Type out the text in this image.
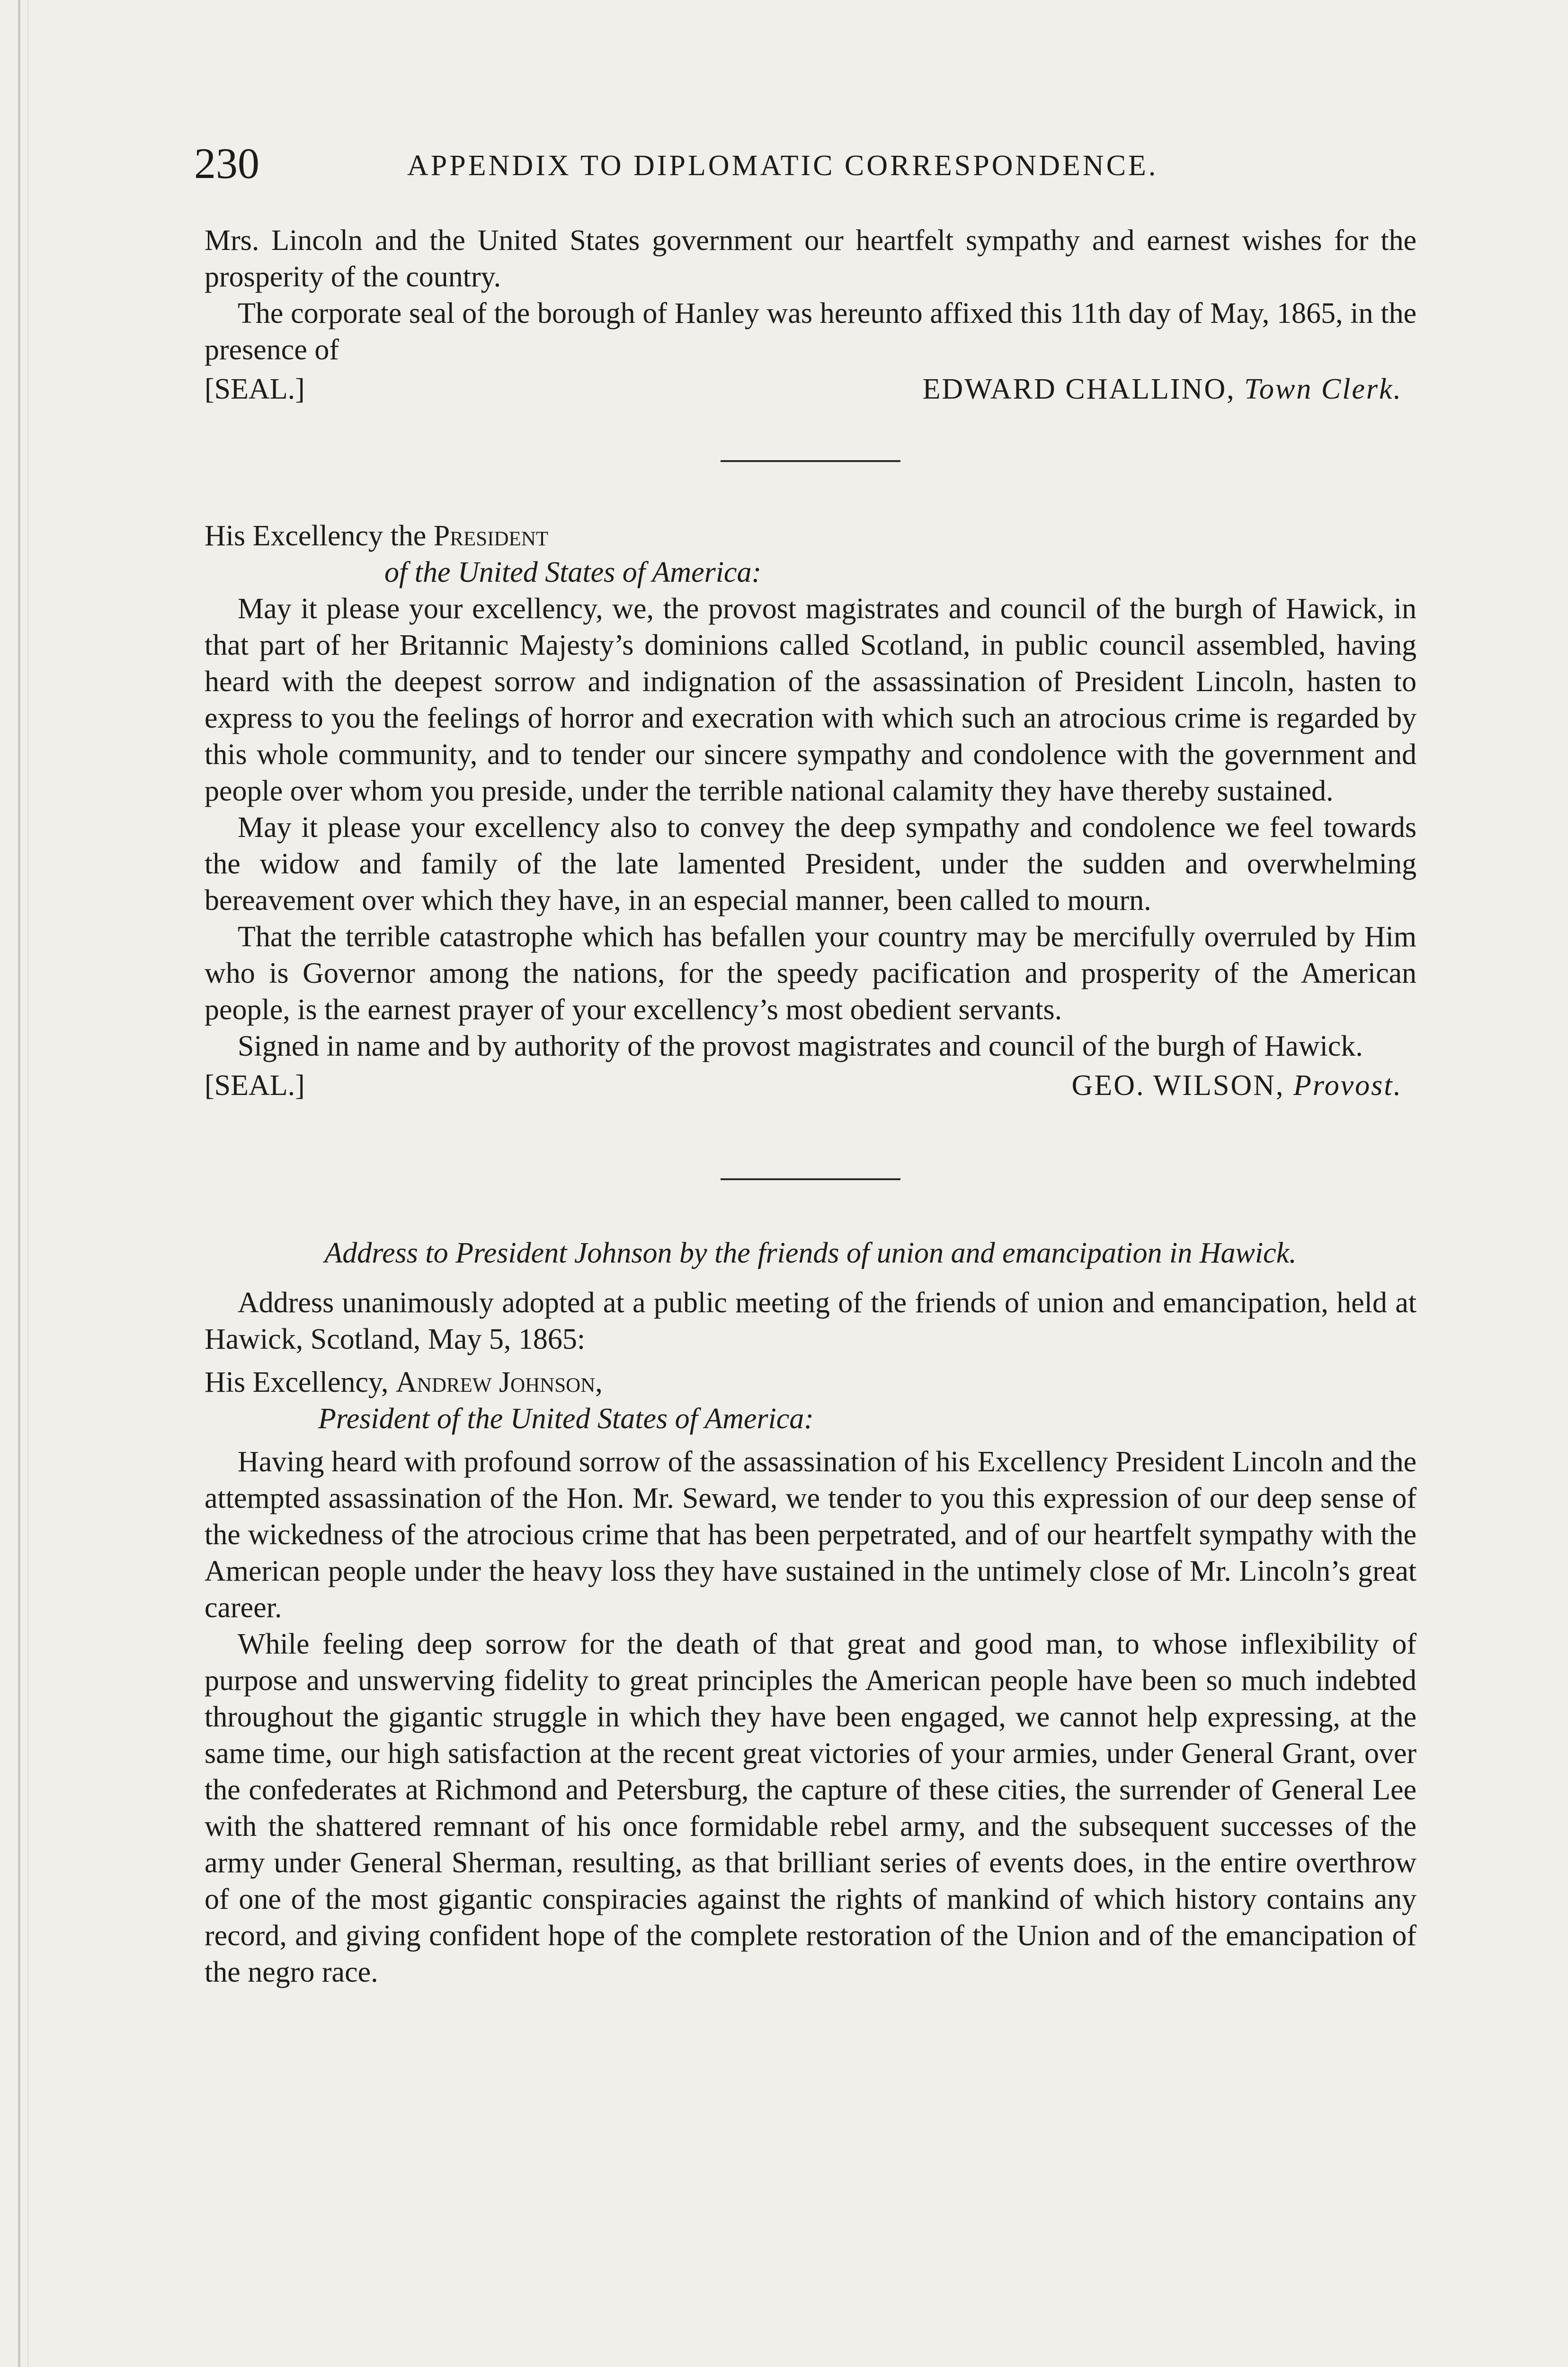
230	APPENDIX TO DIPLOMATIC CORRESPONDENCE.

Mrs. Lincoln and the United States government our heartfelt sympathy and earnest wishes for the prosperity of the country.

The corporate seal of the borough of Hanley was hereunto affixed this 11th day of May, 1865, in the presence of

[SEAL.]	EDWARD CHALLINO, Town Clerk.

His Excellency the President

of the United States of America:

May it please your excellency, we, the provost magistrates and council of the burgh of Hawick, in that part of her Britannic Majesty’s dominions called Scotland, in public council assembled, having heard with the deepest sorrow and indignation of the assassination of President Lincoln, hasten to express to you the feelings of horror and execration with which such an atrocious crime is regarded by this whole community, and to tender our sincere sympathy and condolence with the government and people over whom you preside, under the terrible national calamity they have thereby sustained.

May it please your excellency also to convey the deep sympathy and condolence we feel towards the widow and family of the late lamented President, under the sudden and overwhelming bereavement over which they have, in an especial manner, been called to mourn.

That the terrible catastrophe which has befallen your country may be mercifully overruled by Him who is Governor among the nations, for the speedy pacification and prosperity of the American people, is the earnest prayer of your excellency’s most obedient servants.

Signed in name and by authority of the provost magistrates and council of the burgh of Hawick.

[SEAL.]	GEO. WILSON, Provost.

Address to President Johnson by the friends of union and emancipation in Hawick.

Address unanimously adopted at a public meeting of the friends of union and emancipation, held at Hawick, Scotland, May 5, 1865:

His Excellency, Andrew Johnson,

President of the United States of America:

Having heard with profound sorrow of the assassination of his Excellency President Lincoln and the attempted assassination of the Hon. Mr. Seward, we tender to you this expression of our deep sense of the wickedness of the atrocious crime that has been perpetrated, and of our heartfelt sympathy with the American people under the heavy loss they have sustained in the untimely close of Mr. Lincoln’s great career.

While feeling deep sorrow for the death of that great and good man, to whose inflexibility of purpose and unswerving fidelity to great principles the American people have been so much indebted throughout the gigantic struggle in which they have been engaged, we cannot help expressing, at the same time, our high satisfaction at the recent great victories of your armies, under General Grant, over the confederates at Richmond and Petersburg, the capture of these cities, the surrender of General Lee with the shattered remnant of his once formidable rebel army, and the subsequent successes of the army under General Sherman, resulting, as that brilliant series of events does, in the entire overthrow of one of the most gigantic conspiracies against the rights of mankind of which history contains any record, and giving confident hope of the complete restoration of the Union and of the emancipation of the negro race.
